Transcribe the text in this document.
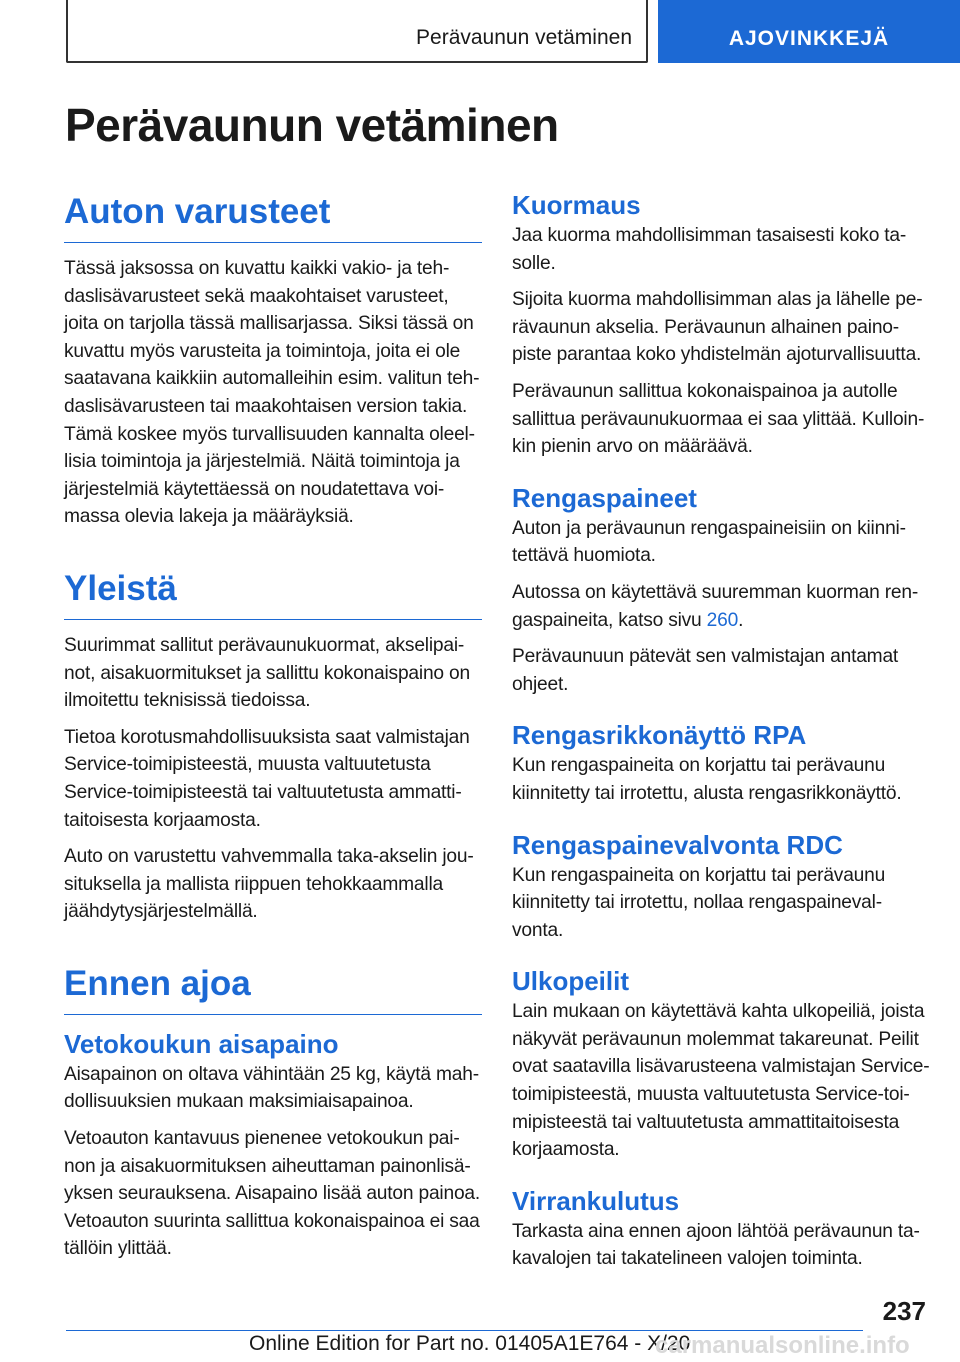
Perävaunun vetäminen	AJOVINKKEJÄ
Perävaunun vetäminen
Auton varusteet

Tässä jaksossa on kuvattu kaikki vakio- ja teh-daslisävarusteet sekä maakohtaiset varusteet, joita on tarjolla tässä mallisarjassa. Siksi tässä on kuvattu myös varusteita ja toimintoja, joita ei ole saatavana kaikkiin automalleihin esim. valitun teh-daslisävarusteen tai maakohtaisen version takia. Tämä koskee myös turvallisuuden kannalta oleel-lisia toimintoja ja järjestelmiä. Näitä toimintoja ja järjestelmiä käytettäessä on noudatettava voi-massa olevia lakeja ja määräyksiä.

Yleistä

Suurimmat sallitut perävaunukuormat, akselipai-not, aisakuormitukset ja sallittu kokonaispaino on ilmoitettu teknisissä tiedoissa.

Tietoa korotusmahdollisuuksista saat valmistajan Service-toimipisteestä, muusta valtuutetusta Service-toimipisteestä tai valtuutetusta ammatti-taitoisesta korjaamosta.

Auto on varustettu vahvemmalla taka-akselin jou-situksella ja mallista riippuen tehokkaammalla jäähdytysjärjestelmällä.

Ennen ajoa
Vetokoukun aisapaino

Aisapainon on oltava vähintään 25 kg, käytä mah-dollisuuksien mukaan maksimiaisapainoa.

Vetoauton kantavuus pienenee vetokoukun pai-non ja aisakuormituksen aiheuttaman painonlisä-yksen seurauksena. Aisapaino lisää auton painoa. Vetoauton suurinta sallittua kokonaispainoa ei saa tällöin ylittää.

Kuormaus

Jaa kuorma mahdollisimman tasaisesti koko ta-solle.

Sijoita kuorma mahdollisimman alas ja lähelle pe-rävaunun akselia. Perävaunun alhainen paino-piste parantaa koko yhdistelmän ajoturvallisuutta.

Perävaunun sallittua kokonaispainoa ja autolle sallittua perävaunukuormaa ei saa ylittää. Kulloin-kin pienin arvo on määräävä.

Rengaspaineet

Auton ja perävaunun rengaspaineisiin on kiinni-tettävä huomiota.

Autossa on käytettävä suuremman kuorman ren-gaspaineita, katso sivu 260.

Perävaunuun pätevät sen valmistajan antamat ohjeet.

Rengasrikkonäyttö RPA

Kun rengaspaineita on korjattu tai perävaunu kiinnitetty tai irrotettu, alusta rengasrikkonäyttö.

Rengaspainevalvonta RDC

Kun rengaspaineita on korjattu tai perävaunu kiinnitetty tai irrotettu, nollaa rengaspaineval-vonta.

Ulkopeilit

Lain mukaan on käytettävä kahta ulkopeiliä, joista näkyvät perävaunun molemmat takareunat. Peilit ovat saatavilla lisävarusteena valmistajan Service-toimipisteestä, muusta valtuutetusta Service-toi-mipisteestä tai valtuutetusta ammattitaitoisesta korjaamosta.

Virrankulutus

Tarkasta aina ennen ajoon lähtöä perävaunun ta-kavalojen tai takatelineen valojen toiminta.

237
Online Edition for Part no. 01405A1E764 - X/20
carmanualsonline.info
